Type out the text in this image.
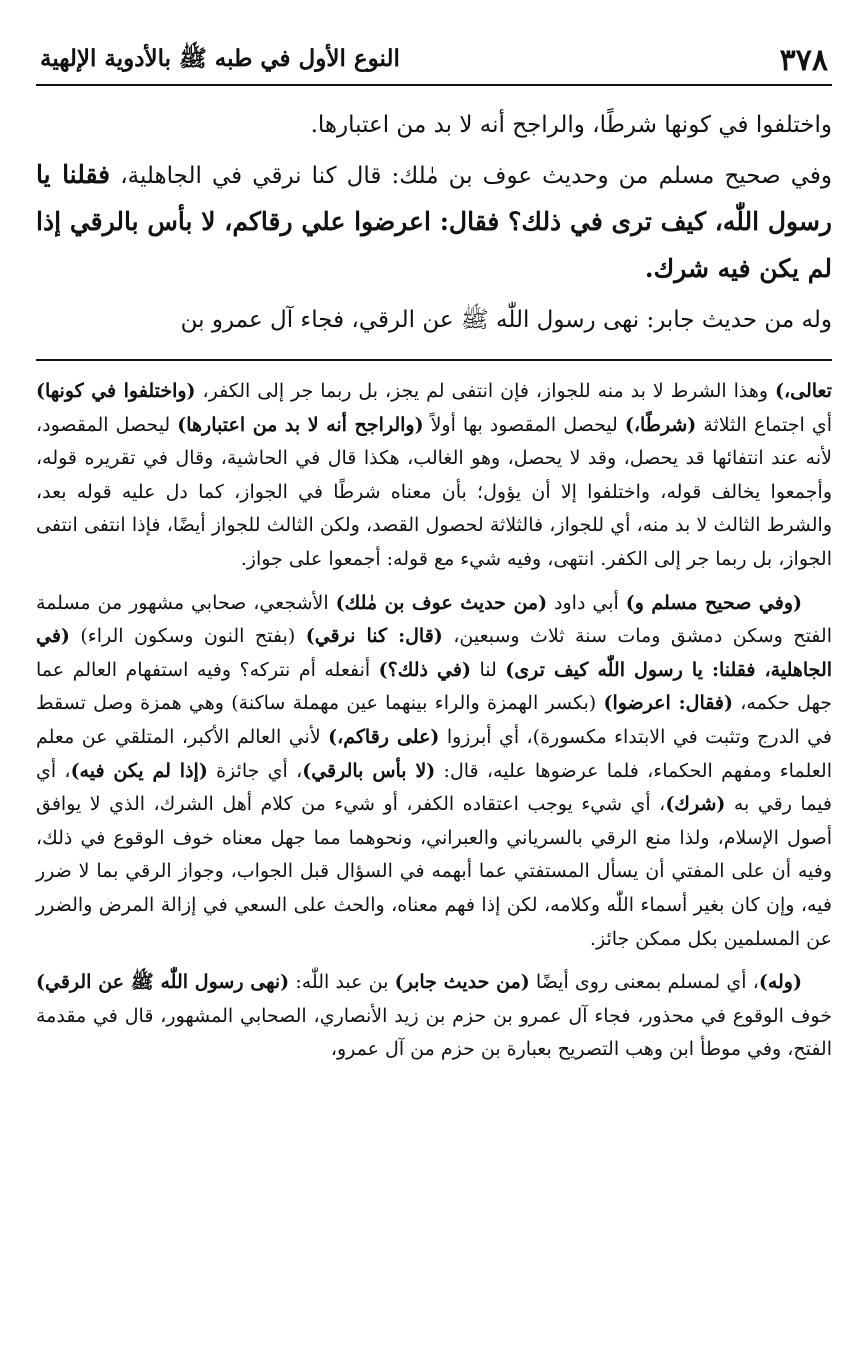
٣٧٨
النوع الأول في طبه ﷺ بالأدوية الإلهية

واختلفوا في كونها شرطًا، والراجح أنه لا بد من اعتبارها.

وفي صحيح مسلم من وحديث عوف بن مٰلك: قال كنا نرقي في الجاهلية، فقلنا يا رسول اللّٰه، كيف ترى في ذلك؟ فقال: اعرضوا علي رقاكم، لا بأس بالرقي إذا لم يكن فيه شرك.

وله من حديث جابر: نهى رسول اللّٰه ﷺ عن الرقي، فجاء آل عمرو بن

تعالى،) وهذا الشرط لا بد منه للجواز، فإن انتفى لم يجز، بل ربما جر إلى الكفر، (واختلفوا في كونها) أي اجتماع الثلاثة (شرطًا،) ليحصل المقصود بها أولاً (والراجح أنه لا بد من اعتبارها) ليحصل المقصود، لأنه عند انتفائها قد يحصل، وقد لا يحصل، وهو الغالب، هكذا قال في الحاشية، وقال في تقريره قوله، وأجمعوا يخالف قوله، واختلفوا إلا أن يؤول؛ بأن معناه شرطًا في الجواز، كما دل عليه قوله بعد، والشرط الثالث لا بد منه، أي للجواز، فالثلاثة لحصول القصد، ولكن الثالث للجواز أيضًا، فإذا انتفى انتفى الجواز، بل ربما جر إلى الكفر. انتهى، وفيه شيء مع قوله: أجمعوا على جواز.

(وفي صحيح مسلم و) أبي داود (من حديث عوف بن مٰلك) الأشجعي، صحابي مشهور من مسلمة الفتح وسكن دمشق ومات سنة ثلاث وسبعين، (قال: كنا نرقي) (بفتح النون وسكون الراء) (في الجاهلية، فقلنا: يا رسول اللّٰه كيف ترى) لنا (في ذلك؟) أنفعله أم نتركه؟ وفيه استفهام العالم عما جهل حكمه، (فقال: اعرضوا) (بكسر الهمزة والراء بينهما عين مهملة ساكنة) وهي همزة وصل تسقط في الدرج وتثبت في الابتداء مكسورة)، أي أبرزوا (على رقاكم،) لأني العالم الأكبر، المتلقي عن معلم العلماء ومفهم الحكماء، فلما عرضوها عليه، قال: (لا بأس بالرقي)، أي جائزة (إذا لم يكن فيه)، أي فيما رقي به (شرك)، أي شيء يوجب اعتقاده الكفر، أو شيء من كلام أهل الشرك، الذي لا يوافق أصول الإسلام، ولذا منع الرقي بالسرياني والعبراني، ونحوهما مما جهل معناه خوف الوقوع في ذلك، وفيه أن على المفتي أن يسأل المستفتي عما أبهمه في السؤال قبل الجواب، وجواز الرقي بما لا ضرر فيه، وإن كان بغير أسماء اللّٰه وكلامه، لكن إذا فهم معناه، والحث على السعي في إزالة المرض والضرر عن المسلمين بكل ممكن جائز.

(وله)، أي لمسلم بمعنى روى أيضًا (من حديث جابر) بن عبد اللّٰه: (نهى رسول اللّٰه ﷺ عن الرقي) خوف الوقوع في محذور، فجاء آل عمرو بن حزم بن زيد الأنصاري، الصحابي المشهور، قال في مقدمة الفتح، وفي موطأ ابن وهب التصريح بعبارة بن حزم من آل عمرو،
